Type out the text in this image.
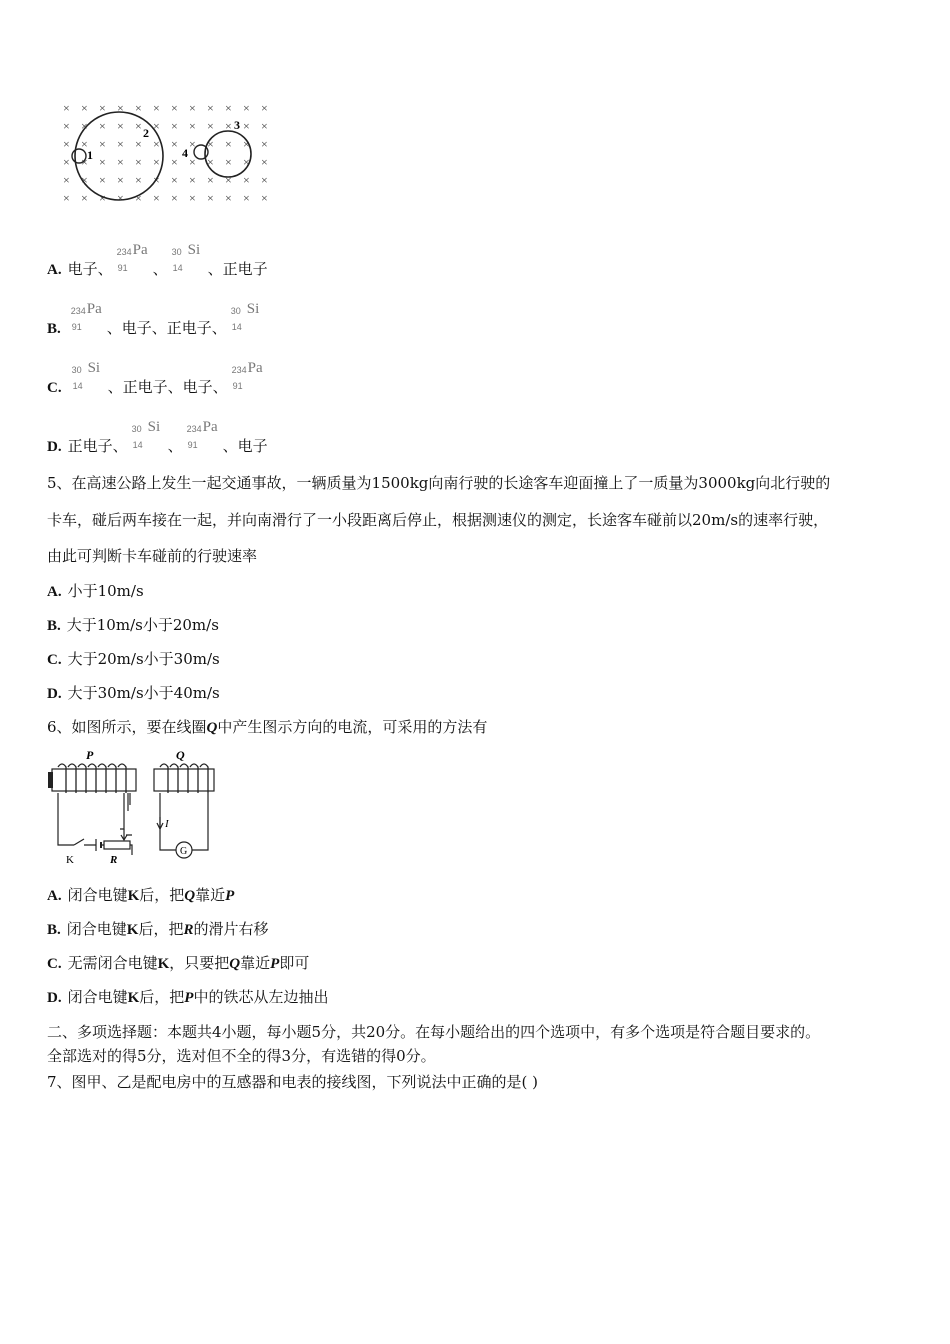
× × × × × × × × × × × ×
× × × × × × × × × × × ×
× × × × × × × × × × × ×
× × × × × × × × × × × ×
× × × × × × × × × × × ×
× × × × × × × × × × × ×
1
2
3
4
A. 电子、
234
91
Pa
、
30
14
Si
、正电子
B.
234
91
Pa
、电子、正电子、
30
14
Si
C.
30
14
Si
、正电子、电子、
234
91
Pa
D. 正电子、
30
14
Si
、
234
91
Pa
、电子
5、在高速公路上发生一起交通事故，一辆质量为1500kg向南行驶的长途客车迎面撞上了一质量为3000kg向北行驶的
卡车，碰后两车接在一起，并向南滑行了一小段距离后停止，根据测速仪的测定，长途客车碰前以20m/s的速率行驶，
由此可判断卡车碰前的行驶速率
A. 小于10m/s
B. 大于10m/s小于20m/s
C. 大于20m/s小于30m/s
D. 大于30m/s小于40m/s
6、如图所示，要在线圈Q中产生图示方向的电流，可采用的方法有
P
K	R
Q
I
G
A. 闭合电键K后，把Q靠近P
B. 闭合电键K后，把R的滑片右移
C. 无需闭合电键K，只要把Q靠近P即可
D. 闭合电键K后，把P中的铁芯从左边抽出
二、多项选择题：本题共4小题，每小题5分，共20分。在每小题给出的四个选项中，有多个选项是符合题目要求的。
全部选对的得5分，选对但不全的得3分，有选错的得0分。
7、图甲、乙是配电房中的互感器和电表的接线图，下列说法中正确的是( )
